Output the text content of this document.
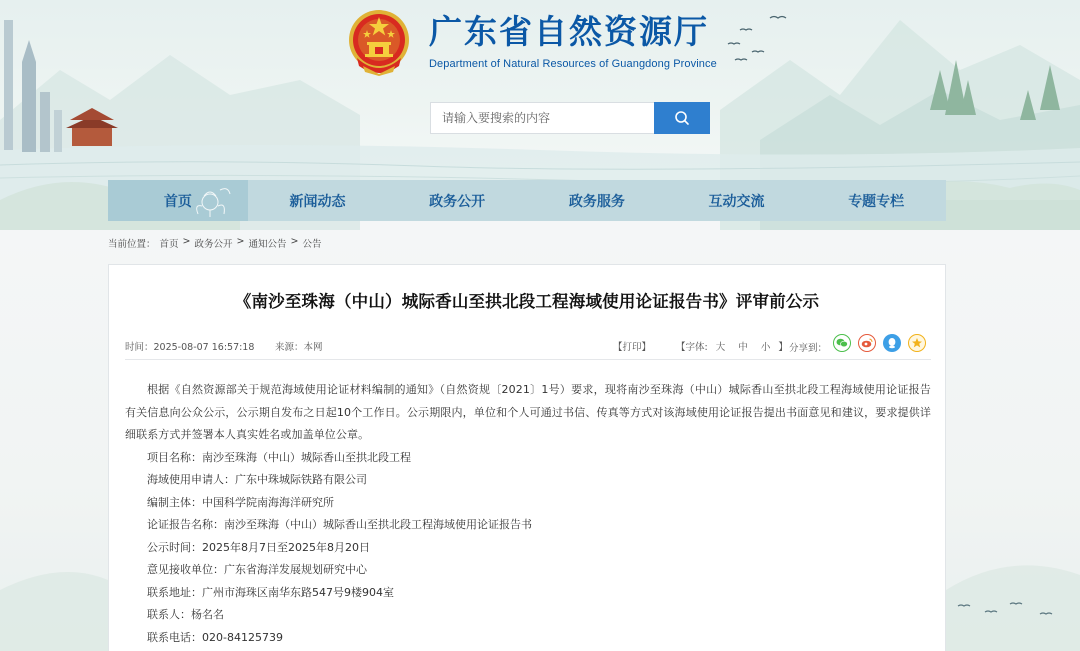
广东省自然资源厅
Department of Natural Resources of Guangdong Province
请输入要搜索的内容
首页	新闻动态	政务公开	政务服务	互动交流	专题专栏
当前位置： 首页 > 政务公开 > 通知公告 > 公告
《南沙至珠海（中山）城际香山至拱北段工程海域使用论证报告书》评审前公示
时间：2025-08-07 16:57:18 来源：本网	【打印】	【字体: 大 中 小 】 分享到：

根据《自然资源部关于规范海域使用论证材料编制的通知》（自然资规〔2021〕1号）要求，现将南沙至珠海（中山）城际香山至拱北段工程海域使用论证报告有关信息向公众公示，公示期自发布之日起10个工作日。公示期限内，单位和个人可通过书信、传真等方式对该海域使用论证报告提出书面意见和建议，要求提供详细联系方式并签署本人真实姓名或加盖单位公章。

项目名称：南沙至珠海（中山）城际香山至拱北段工程
海域使用申请人：广东中珠城际铁路有限公司
编制主体：中国科学院南海海洋研究所
论证报告名称：南沙至珠海（中山）城际香山至拱北段工程海域使用论证报告书
公示时间：2025年8月7日至2025年8月20日
意见接收单位：广东省海洋发展规划研究中心
联系地址：广州市海珠区南华东路547号9楼904室
联系人：杨名名
联系电话：020-84125739
